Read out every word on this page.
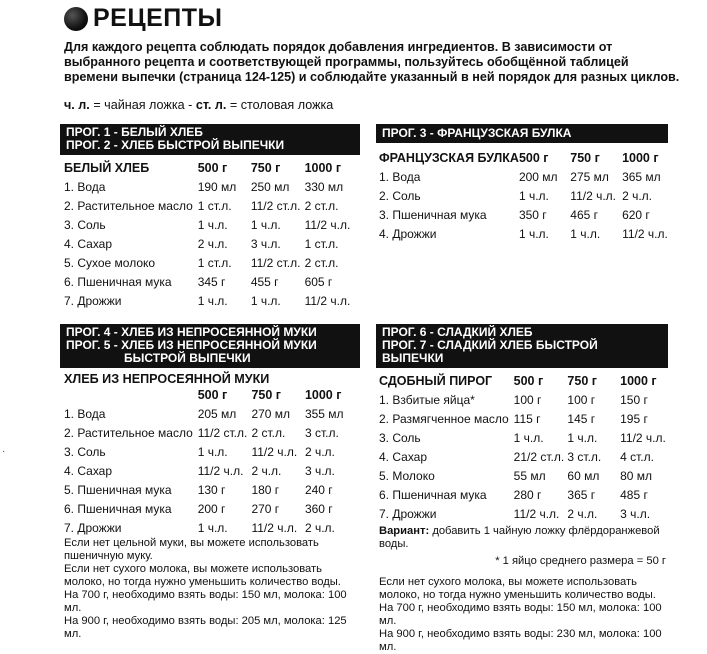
РЕЦЕПТЫ
Для каждого рецепта соблюдать порядок добавления ингредиентов. В зависимости от выбранного рецепта и соответствующей программы, пользуйтесь обобщённой таблицей времени выпечки (страница 124-125) и соблюдайте указанный в ней порядок для разных циклов.
ч. л. = чайная ложка - ст. л. = столовая ложка
ПРОГ. 1 - БЕЛЫЙ ХЛЕБ
ПРОГ. 2 - ХЛЕБ БЫСТРОЙ ВЫПЕЧКИ
БЕЛЫЙ ХЛЕБ	500 г	750 г	1000 г
1. Вода	190 мл	250 мл	330 мл
2. Растительное масло	1 ст.л.	11/2 ст.л.	2 ст.л.
3. Соль	1 ч.л.	1 ч.л.	11/2 ч.л.
4. Сахар	2 ч.л.	3 ч.л.	1 ст.л.
5. Сухое молоко	1 ст.л.	11/2 ст.л.	2 ст.л.
6. Пшеничная мука	345 г	455 г	605 г
7. Дрожжи	1 ч.л.	1 ч.л.	11/2 ч.л.
ПРОГ. 3 - ФРАНЦУЗСКАЯ БУЛКА
ФРАНЦУЗСКАЯ БУЛКА	500 г	750 г	1000 г
1. Вода	200 мл	275 мл	365 мл
2. Соль	1 ч.л.	11/2 ч.л.	2 ч.л.
3. Пшеничная мука	350 г	465 г	620 г
4. Дрожжи	1 ч.л.	1 ч.л.	11/2 ч.л.
ПРОГ. 4 - ХЛЕБ ИЗ НЕПРОСЕЯННОЙ МУКИ
ПРОГ. 5 - ХЛЕБ ИЗ НЕПРОСЕЯННОЙ МУКИ
БЫСТРОЙ ВЫПЕЧКИ
ХЛЕБ ИЗ НЕПРОСЕЯННОЙ МУКИ
	500 г	750 г	1000 г
1. Вода	205 мл	270 мл	355 мл
2. Растительное масло	11/2 ст.л.	2 ст.л.	3 ст.л.
3. Соль	1 ч.л.	11/2 ч.л.	2 ч.л.
4. Сахар	11/2 ч.л.	2 ч.л.	3 ч.л.
5. Пшеничная мука	130 г	180 г	240 г
6. Пшеничная мука	200 г	270 г	360 г
7. Дрожжи	1 ч.л.	11/2 ч.л.	2 ч.л.
Если нет цельной муки, вы можете использовать пшеничную муку.
Если нет сухого молока, вы можете использовать молоко, но тогда нужно уменьшить количество воды.
На 700 г, необходимо взять воды: 150 мл, молока: 100 мл.
На 900 г, необходимо взять воды: 205 мл, молока: 125 мл.
ПРОГ. 6 - СЛАДКИЙ ХЛЕБ
ПРОГ. 7 - СЛАДКИЙ ХЛЕБ БЫСТРОЙ ВЫПЕЧКИ
СДОБНЫЙ ПИРОГ	500 г	750 г	1000 г
1. Взбитые яйца*	100 г	100 г	150 г
2. Размягченное масло	115 г	145 г	195 г
3. Соль	1 ч.л.	1 ч.л.	11/2 ч.л.
4. Сахар	21/2 ст.л.	3 ст.л.	4 ст.л.
5. Молоко	55 мл	60 мл	80 мл
6. Пшеничная мука	280 г	365 г	485 г
7. Дрожжи	11/2 ч.л.	2 ч.л.	3 ч.л.
Вариант: добавить 1 чайную ложку флёрдоранжевой воды.
* 1 яйцо среднего размера = 50 г
Если нет сухого молока, вы можете использовать молоко, но тогда нужно уменьшить количество воды.
На 700 г, необходимо взять воды: 150 мл, молока: 100 мл.
На 900 г, необходимо взять воды: 230 мл, молока: 100 мл.
·
